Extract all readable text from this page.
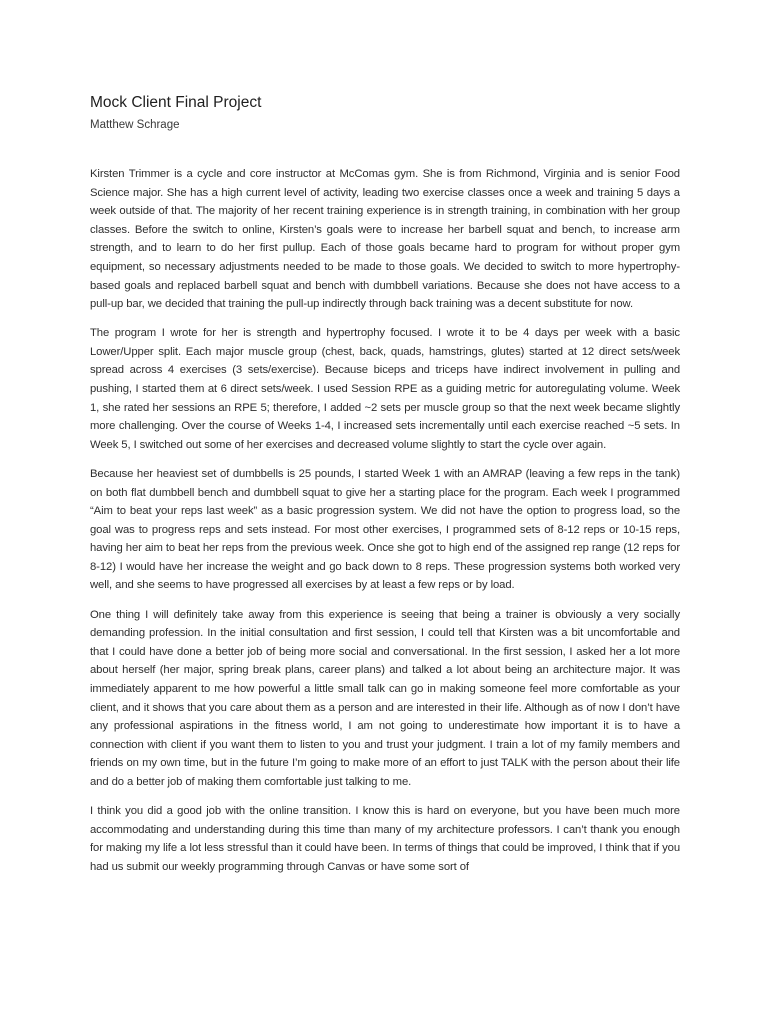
Mock Client Final Project
Matthew Schrage

Kirsten Trimmer is a cycle and core instructor at McComas gym. She is from Richmond, Virginia and is senior Food Science major. She has a high current level of activity, leading two exercise classes once a week and training 5 days a week outside of that. The majority of her recent training experience is in strength training, in combination with her group classes. Before the switch to online, Kirsten’s goals were to increase her barbell squat and bench, to increase arm strength, and to learn to do her first pullup. Each of those goals became hard to program for without proper gym equipment, so necessary adjustments needed to be made to those goals. We decided to switch to more hypertrophy-based goals and replaced barbell squat and bench with dumbbell variations. Because she does not have access to a pull-up bar, we decided that training the pull-up indirectly through back training was a decent substitute for now.

The program I wrote for her is strength and hypertrophy focused. I wrote it to be 4 days per week with a basic Lower/Upper split. Each major muscle group (chest, back, quads, hamstrings, glutes) started at 12 direct sets/week spread across 4 exercises (3 sets/exercise). Because biceps and triceps have indirect involvement in pulling and pushing, I started them at 6 direct sets/week. I used Session RPE as a guiding metric for autoregulating volume. Week 1, she rated her sessions an RPE 5; therefore, I added ~2 sets per muscle group so that the next week became slightly more challenging. Over the course of Weeks 1-4, I increased sets incrementally until each exercise reached ~5 sets. In Week 5, I switched out some of her exercises and decreased volume slightly to start the cycle over again.

Because her heaviest set of dumbbells is 25 pounds, I started Week 1 with an AMRAP (leaving a few reps in the tank) on both flat dumbbell bench and dumbbell squat to give her a starting place for the program. Each week I programmed “Aim to beat your reps last week” as a basic progression system. We did not have the option to progress load, so the goal was to progress reps and sets instead. For most other exercises, I programmed sets of 8-12 reps or 10-15 reps, having her aim to beat her reps from the previous week. Once she got to high end of the assigned rep range (12 reps for 8-12) I would have her increase the weight and go back down to 8 reps. These progression systems both worked very well, and she seems to have progressed all exercises by at least a few reps or by load.

One thing I will definitely take away from this experience is seeing that being a trainer is obviously a very socially demanding profession. In the initial consultation and first session, I could tell that Kirsten was a bit uncomfortable and that I could have done a better job of being more social and conversational. In the first session, I asked her a lot more about herself (her major, spring break plans, career plans) and talked a lot about being an architecture major. It was immediately apparent to me how powerful a little small talk can go in making someone feel more comfortable as your client, and it shows that you care about them as a person and are interested in their life. Although as of now I don’t have any professional aspirations in the fitness world, I am not going to underestimate how important it is to have a connection with client if you want them to listen to you and trust your judgment. I train a lot of my family members and friends on my own time, but in the future I’m going to make more of an effort to just TALK with the person about their life and do a better job of making them comfortable just talking to me.

I think you did a good job with the online transition. I know this is hard on everyone, but you have been much more accommodating and understanding during this time than many of my architecture professors. I can’t thank you enough for making my life a lot less stressful than it could have been. In terms of things that could be improved, I think that if you had us submit our weekly programming through Canvas or have some sort of
